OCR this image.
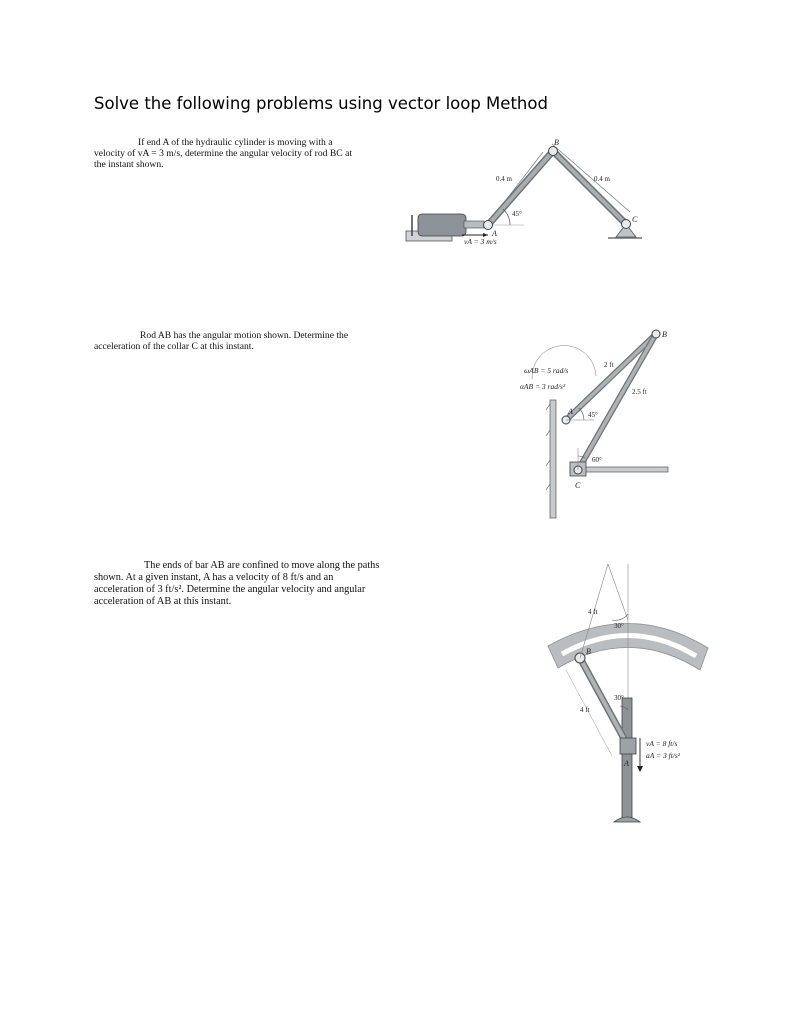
Solve the following problems using vector loop Method

If end A of the hydraulic cylinder is moving with a velocity of vA = 3 m/s, determine the angular velocity of rod BC at the instant shown.

B
A
C
0.4 m	0.4 m
45°
vA = 3 m/s

Rod AB has the angular motion shown. Determine the acceleration of the collar C at this instant.

B
A
C
ωAB = 5 rad/s
αAB = 3 rad/s²
2 ft
2.5 ft
45°
60°

The ends of bar AB are confined to move along the paths shown. At a given instant, A has a velocity of 8 ft/s and an acceleration of 3 ft/s². Determine the angular velocity and angular acceleration of AB at this instant.

B
A
4 ft
4 ft
30°
30°
vA = 8 ft/s
aA = 3 ft/s²
